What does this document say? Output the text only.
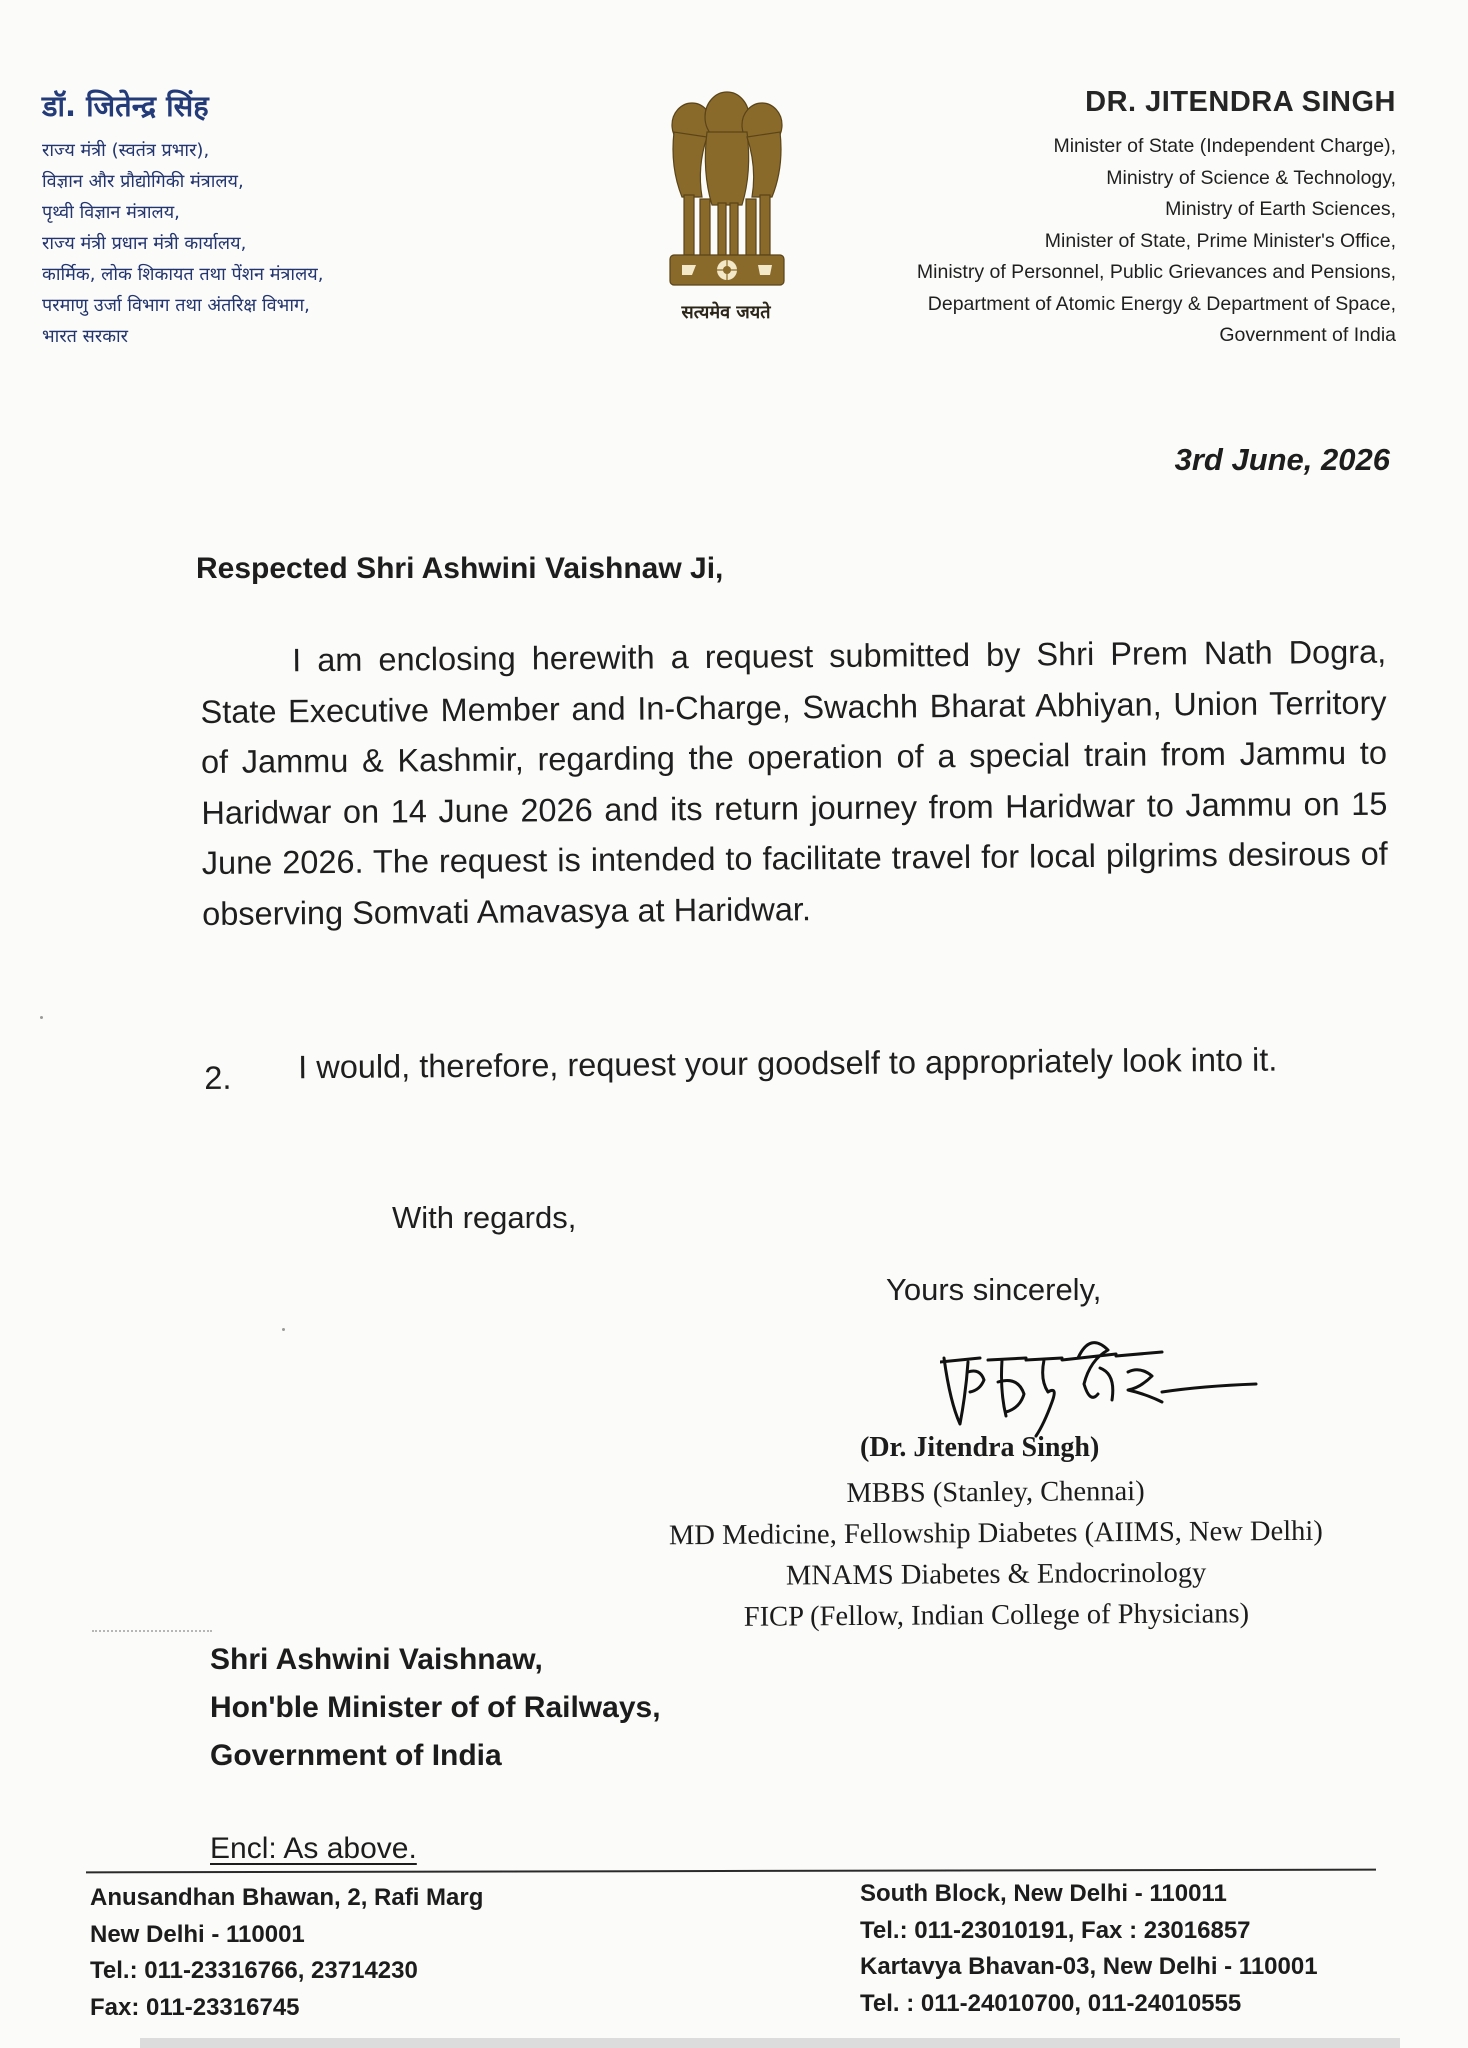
डॉ. जितेन्द्र सिंह
राज्य मंत्री (स्वतंत्र प्रभार),
विज्ञान और प्रौद्योगिकी मंत्रालय,
पृथ्वी विज्ञान मंत्रालय,
राज्य मंत्री प्रधान मंत्री कार्यालय,
कार्मिक, लोक शिकायत तथा पेंशन मंत्रालय,
परमाणु उर्जा विभाग तथा अंतरिक्ष विभाग,
भारत सरकार
सत्यमेव जयते
DR. JITENDRA SINGH
Minister of State (Independent Charge),
Ministry of Science & Technology,
Ministry of Earth Sciences,
Minister of State, Prime Minister's Office,
Ministry of Personnel, Public Grievances and Pensions,
Department of Atomic Energy & Department of Space,
Government of India
3rd June, 2026
Respected Shri Ashwini Vaishnaw Ji,
I am enclosing herewith a request submitted by Shri Prem Nath Dogra, State Executive Member and In-Charge, Swachh Bharat Abhiyan, Union Territory of Jammu & Kashmir, regarding the operation of a special train from Jammu to Haridwar on 14 June 2026 and its return journey from Haridwar to Jammu on 15 June 2026. The request is intended to facilitate travel for local pilgrims desirous of observing Somvati Amavasya at Haridwar.
2. I would, therefore, request your goodself to appropriately look into it.
With regards,
Yours sincerely,
(Dr. Jitendra Singh)
MBBS (Stanley, Chennai)
MD Medicine, Fellowship Diabetes (AIIMS, New Delhi)
MNAMS Diabetes & Endocrinology
FICP (Fellow, Indian College of Physicians)
Shri Ashwini Vaishnaw,
Hon'ble Minister of of Railways,
Government of India
Encl: As above.
Anusandhan Bhawan, 2, Rafi Marg
New Delhi - 110001
Tel.: 011-23316766, 23714230
Fax: 011-23316745
South Block, New Delhi - 110011
Tel.: 011-23010191, Fax : 23016857
Kartavya Bhavan-03, New Delhi - 110001
Tel. : 011-24010700, 011-24010555
